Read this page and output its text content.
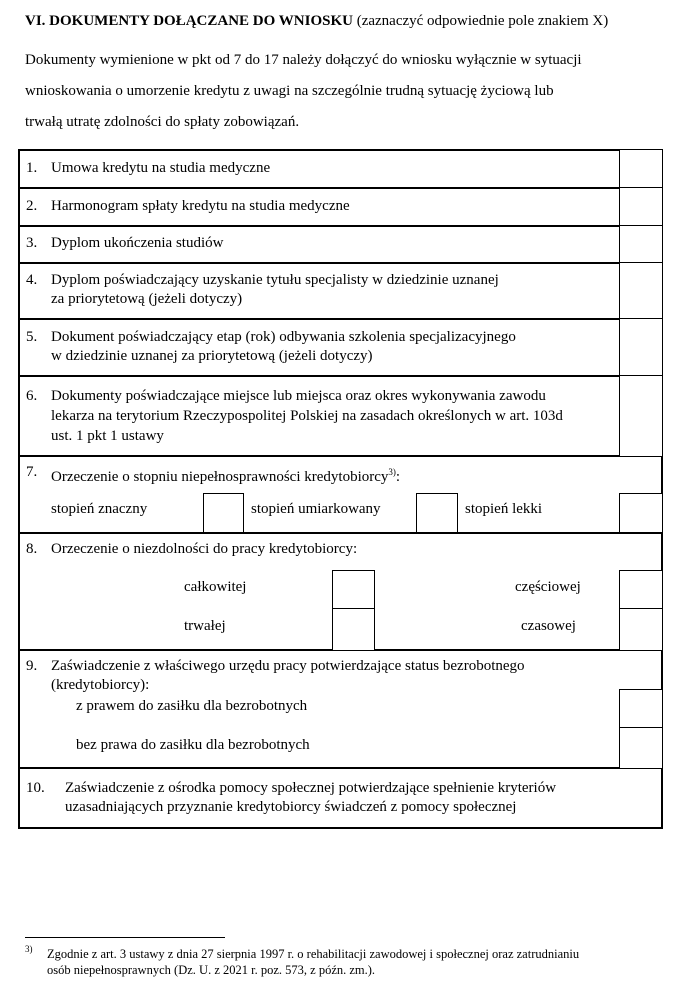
VI. DOKUMENTY DOŁĄCZANE DO WNIOSKU (zaznaczyć odpowiednie pole znakiem X)
Dokumenty wymienione w pkt od 7 do 17 należy dołączyć do wniosku wyłącznie w sytuacji
wnioskowania o umorzenie kredytu z uwagi na szczególnie trudną sytuację życiową lub
trwałą utratę zdolności do spłaty zobowiązań.
1. Umowa kredytu na studia medyczne
2. Harmonogram spłaty kredytu na studia medyczne
3. Dyplom ukończenia studiów
4. Dyplom poświadczający uzyskanie tytułu specjalisty w dziedzinie uznanej
za priorytetową (jeżeli dotyczy)
5. Dokument poświadczający etap (rok) odbywania szkolenia specjalizacyjnego
w dziedzinie uznanej za priorytetową (jeżeli dotyczy)
6. Dokumenty poświadczające miejsce lub miejsca oraz okres wykonywania zawodu
lekarza na terytorium Rzeczypospolitej Polskiej na zasadach określonych w art. 103d
ust. 1 pkt 1 ustawy
7. Orzeczenie o stopniu niepełnosprawności kredytobiorcy$^{3)}$:
stopień znaczny	stopień umiarkowany	stopień lekki
8. Orzeczenie o niezdolności do pracy kredytobiorcy:
całkowitej	częściowej
trwałej	czasowej
9. Zaświadczenie z właściwego urzędu pracy potwierdzające status bezrobotnego
(kredytobiorcy):
z prawem do zasiłku dla bezrobotnych
bez prawa do zasiłku dla bezrobotnych
10. Zaświadczenie z ośrodka pomocy społecznej potwierdzające spełnienie kryteriów
uzasadniających przyznanie kredytobiorcy świadczeń z pomocy społecznej
3) Zgodnie z art. 3 ustawy z dnia 27 sierpnia 1997 r. o rehabilitacji zawodowej i społecznej oraz zatrudnianiu
osób niepełnosprawnych (Dz. U. z 2021 r. poz. 573, z późn. zm.).
